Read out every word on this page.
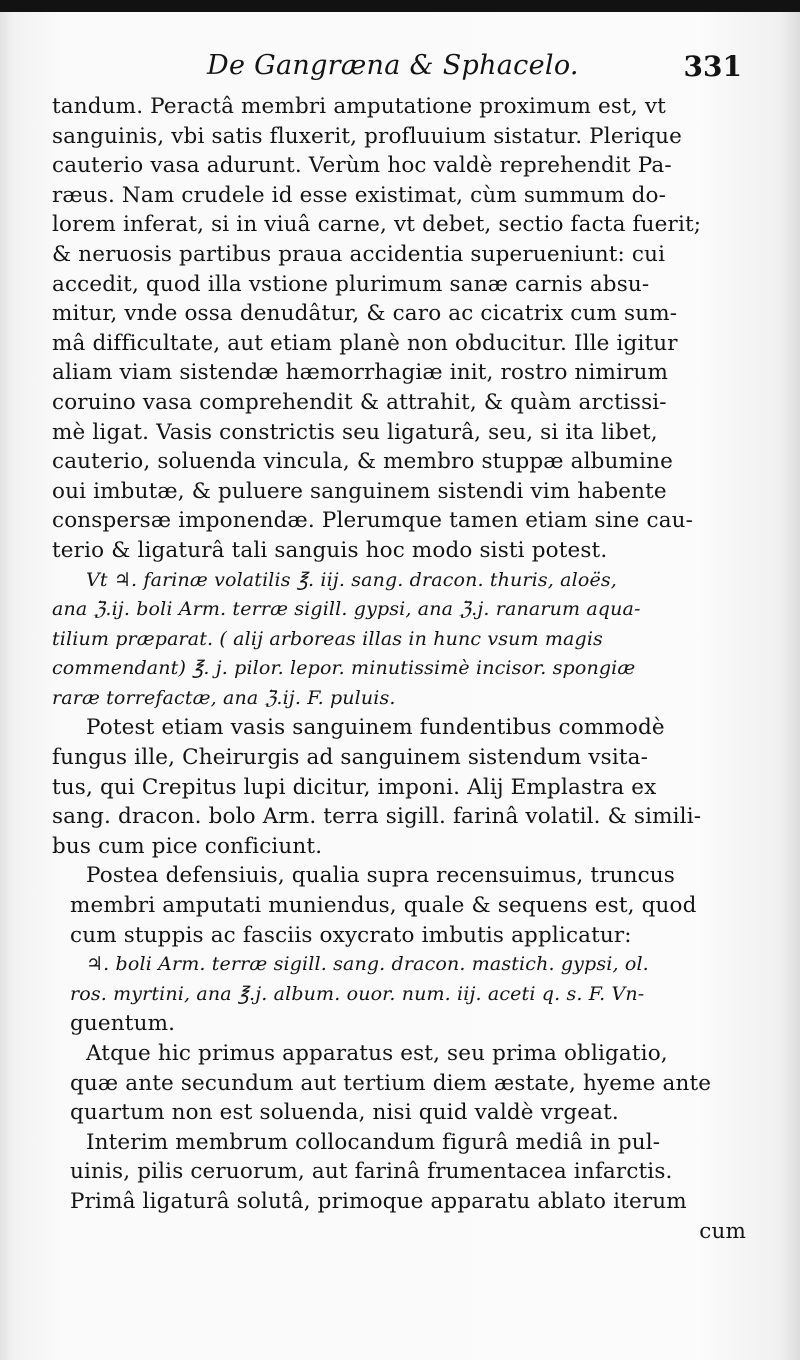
De Gangræna & Sphacelo.	331
tandum. Peractâ membri amputatione proximum est, vt
sanguinis, vbi satis fluxerit, profluuium sistatur. Plerique
cauterio vasa adurunt. Verùm hoc valdè reprehendit Pa-
ræus. Nam crudele id esse existimat, cùm summum do-
lorem inferat, si in viuâ carne, vt debet, sectio facta fuerit;
& neruosis partibus praua accidentia superueniunt: cui
accedit, quod illa vstione plurimum sanæ carnis absu-
mitur, vnde ossa denudâtur, & caro ac cicatrix cum sum-
mâ difficultate, aut etiam planè non obducitur. Ille igitur
aliam viam sistendæ hæmorrhagiæ init, rostro nimirum
coruino vasa comprehendit & attrahit, & quàm arctissi-
mè ligat. Vasis constrictis seu ligaturâ, seu, si ita libet,
cauterio, soluenda vincula, & membro stuppæ albumine
oui imbutæ, & puluere sanguinem sistendi vim habente
conspersæ imponendæ. Plerumque tamen etiam sine cau-
terio & ligaturâ tali sanguis hoc modo sisti potest.
Vt ♃. farinæ volatilis ℥. iij. sang. dracon. thuris, aloës,
ana ℨ.ij. boli Arm. terræ sigill. gypsi, ana ℨ.j. ranarum aqua-
tilium præparat. ( alij arboreas illas in hunc vsum magis
commendant) ℥. j. pilor. lepor. minutissimè incisor. spongiæ
raræ torrefactæ, ana ℨ.ij. F. puluis.
Potest etiam vasis sanguinem fundentibus commodè
fungus ille, Cheirurgis ad sanguinem sistendum vsita-
tus, qui Crepitus lupi dicitur, imponi. Alij Emplastra ex
sang. dracon. bolo Arm. terra sigill. farinâ volatil. & simili-
bus cum pice conficiunt.
Postea defensiuis, qualia supra recensuimus, truncus
membri amputati muniendus, quale & sequens est, quod
cum stuppis ac fasciis oxycrato imbutis applicatur:
♃. boli Arm. terræ sigill. sang. dracon. mastich. gypsi, ol.
ros. myrtini, ana ℥.j. album. ouor. num. iij. aceti q. s. F. Vn-
guentum.
Atque hic primus apparatus est, seu prima obligatio,
quæ ante secundum aut tertium diem æstate, hyeme ante
quartum non est soluenda, nisi quid valdè vrgeat.
Interim membrum collocandum figurâ mediâ in pul-
uinis, pilis ceruorum, aut farinâ frumentacea infarctis.
Primâ ligaturâ solutâ, primoque apparatu ablato iterum
cum
